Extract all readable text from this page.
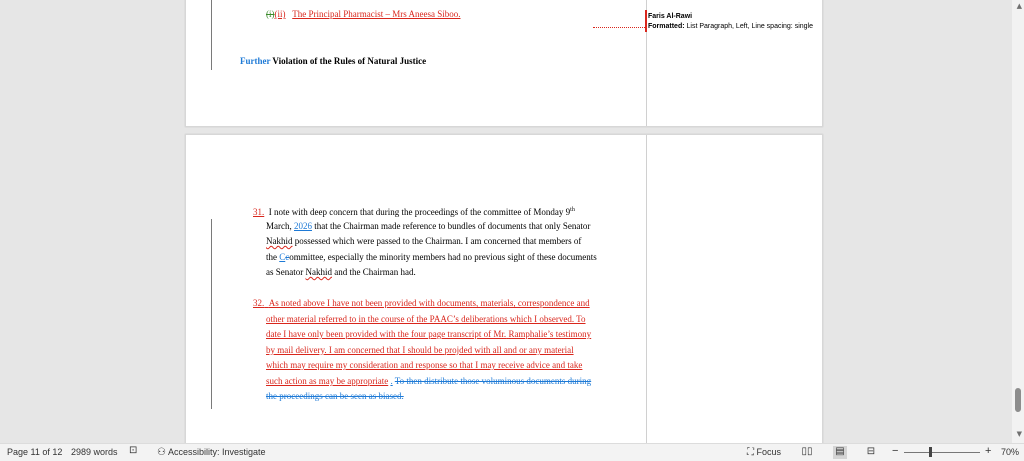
(i)(ii) The Principal Pharmacist – Mrs Aneesa Siboo.
Further Violation of the Rules of Natural Justice
Faris Al-Rawi
Formatted: List Paragraph, Left, Line spacing: single
31. I note with deep concern that during the proceedings of the committee of Monday 9th
March, 2026 that the Chairman made reference to bundles of documents that only Senator
Nakhid possessed which were passed to the Chairman. I am concerned that members of
the Ccommittee, especially the minority members had no previous sight of these documents
as Senator Nakhid and the Chairman had.
32. As noted above I have not been provided with documents, materials, correspondence and
other material referred to in the course of the PAAC’s deliberations which I observed. To
date I have only been provided with the four page transcript of Mr. Ramphalie’s testimony
by mail delivery. I am concerned that I should be projded with all and or any material
which may require my consideration and response so that I may receive advice and take
such action as may be appropriate . To then distribute those voluminous documents during
the proceedings can be seen as biased.
▲
▼
Page 11 of 12 2989 words ⊡ ⚇ Accessibility: Investigate	⛶ Focus ▯▯ ▤ ⊟ −	+ 70%
